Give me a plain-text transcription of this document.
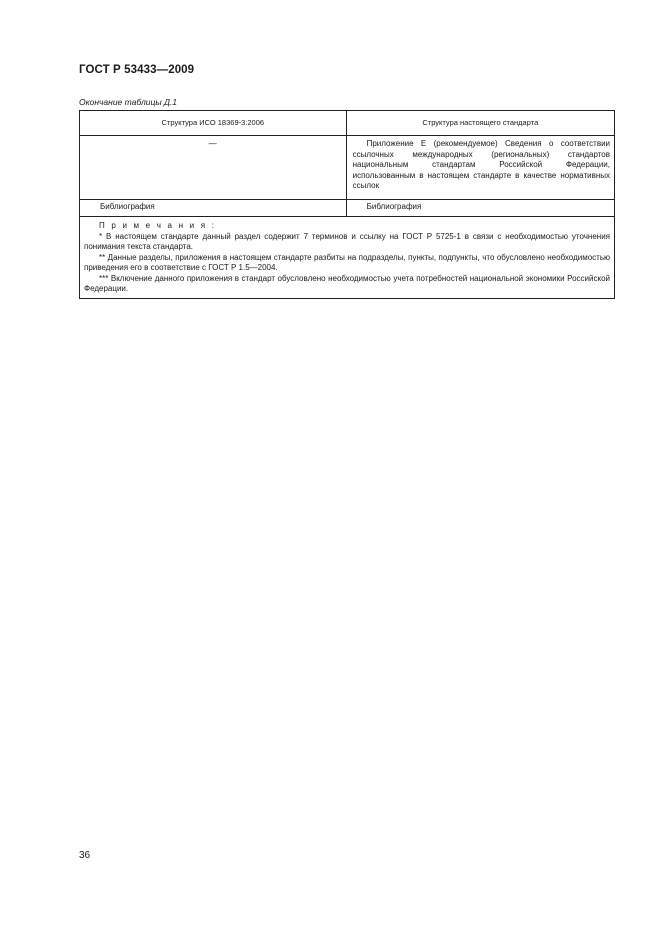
ГОСТ Р 53433—2009
Окончание таблицы Д.1
Структура ИСО 18369-3:2006	Структура настоящего стандарта
—	Приложение Е (рекомендуемое) Сведения о соответствии ссылочных международных (региональных) стандартов национальным стандартам Российской Федерации, использованным в настоящем стандарте в качестве нормативных ссылок

Библиография	Библиография

П р и м е ч а н и я :

* В настоящем стандарте данный раздел содержит 7 терминов и ссылку на ГОСТ Р 5725-1 в связи с необходимостью уточнения понимания текста стандарта.

** Данные разделы, приложения в настоящем стандарте разбиты на подразделы, пункты, подпункты, что обусловлено необходимостью приведения его в соответствие с ГОСТ Р 1.5—2004.

*** Включение данного приложения в стандарт обусловлено необходимостью учета потребностей национальной экономики Российской Федерации.	

36
